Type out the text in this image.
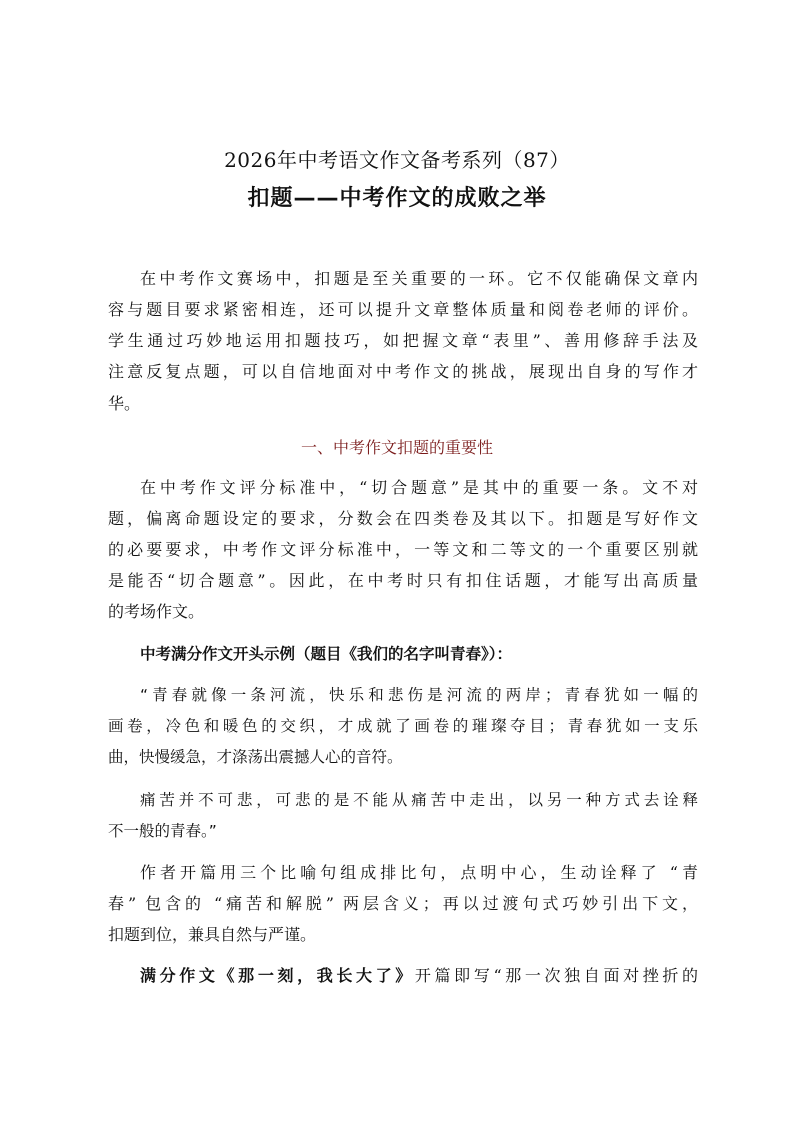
2026年中考语文作文备考系列（87）
扣题——中考作文的成败之举
在中考作文赛场中，扣题是至关重要的一环。它不仅能确保文章内
容与题目要求紧密相连，还可以提升文章整体质量和阅卷老师的评价。
学生通过巧妙地运用扣题技巧，如把握文章“表里”、善用修辞手法及
注意反复点题，可以自信地面对中考作文的挑战，展现出自身的写作才
华。
一、中考作文扣题的重要性
在中考作文评分标准中，“切合题意”是其中的重要一条。文不对
题，偏离命题设定的要求，分数会在四类卷及其以下。扣题是写好作文
的必要要求，中考作文评分标准中，一等文和二等文的一个重要区别就
是能否“切合题意”。因此，在中考时只有扣住话题，才能写出高质量
的考场作文。
中考满分作文开头示例（题目《我们的名字叫青春》）：
“青春就像一条河流，快乐和悲伤是河流的两岸；青春犹如一幅的
画卷，冷色和暖色的交织，才成就了画卷的璀璨夺目；青春犹如一支乐
曲，快慢缓急，才涤荡出震撼人心的音符。
痛苦并不可悲，可悲的是不能从痛苦中走出，以另一种方式去诠释
不一般的青春。”
作者开篇用三个比喻句组成排比句，点明中心，生动诠释了 “青
春” 包含的 “痛苦和解脱” 两层含义；再以过渡句式巧妙引出下文，
扣题到位，兼具自然与严谨。
满分作文《那一刻，我长大了》开篇即写“那一次独自面对挫折的
